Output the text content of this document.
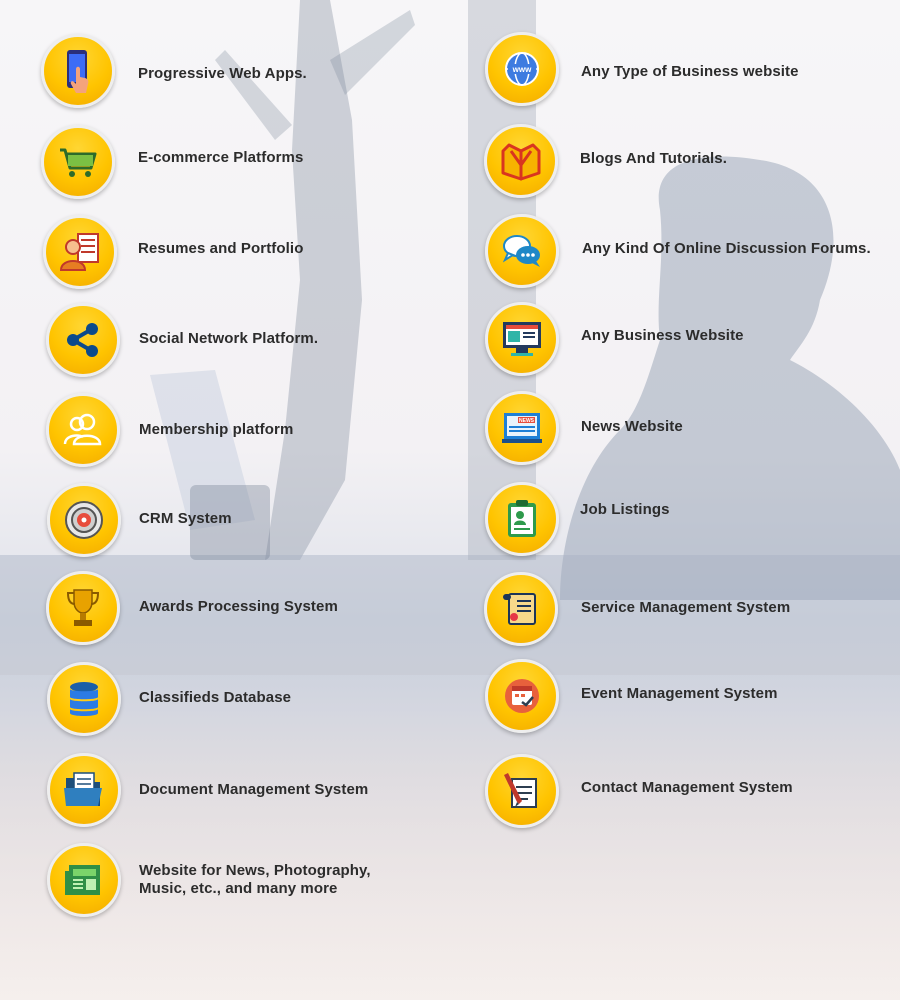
Progressive Web Apps.
E-commerce Platforms
Resumes and Portfolio
Social Network Platform.
Membership platform
CRM System
Awards Processing System
Classifieds Database
Document Management System
Website for News, Photography, Music, etc., and many more
www	Any Type of Business website
Blogs And Tutorials.
Any Kind Of Online Discussion Forums.
Any Business Website
NEWS	News Website
Job Listings
Service Management System
Event Management System
Contact Management System
